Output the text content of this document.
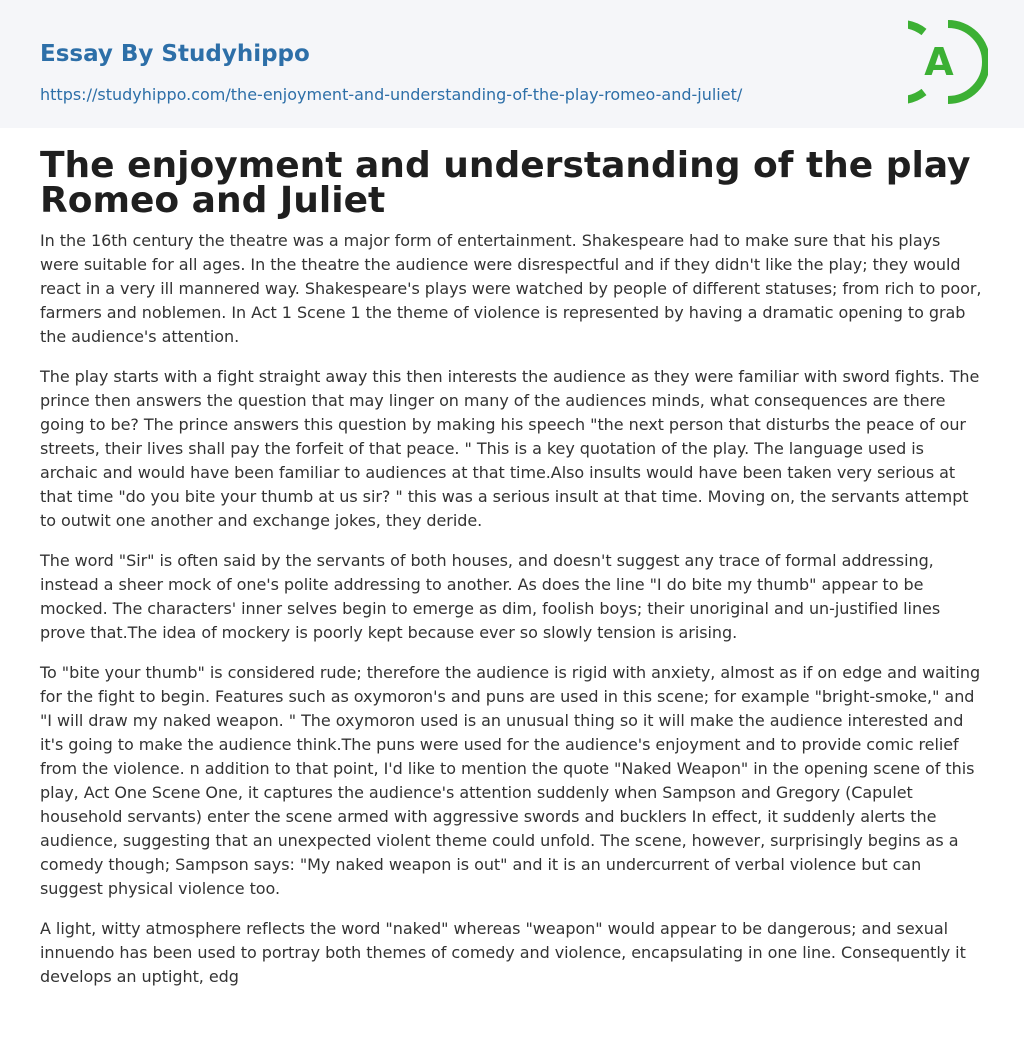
Essay By Studyhippo
https://studyhippo.com/the-enjoyment-and-understanding-of-the-play-romeo-and-juliet/
A
The enjoyment and understanding of the play Romeo and Juliet

In the 16th century the theatre was a major form of entertainment. Shakespeare had to make sure that his plays were suitable for all ages. In the theatre the audience were disrespectful and if they didn't like the play; they would react in a very ill mannered way. Shakespeare's plays were watched by people of different statuses; from rich to poor, farmers and noblemen. In Act 1 Scene 1 the theme of violence is represented by having a dramatic opening to grab the audience's attention.

The play starts with a fight straight away this then interests the audience as they were familiar with sword fights. The prince then answers the question that may linger on many of the audiences minds, what consequences are there going to be? The prince answers this question by making his speech "the next person that disturbs the peace of our streets, their lives shall pay the forfeit of that peace. " This is a key quotation of the play. The language used is archaic and would have been familiar to audiences at that time.Also insults would have been taken very serious at that time "do you bite your thumb at us sir? " this was a serious insult at that time. Moving on, the servants attempt to outwit one another and exchange jokes, they deride.

The word "Sir" is often said by the servants of both houses, and doesn't suggest any trace of formal addressing, instead a sheer mock of one's polite addressing to another. As does the line "I do bite my thumb" appear to be mocked. The characters' inner selves begin to emerge as dim, foolish boys; their unoriginal and un-justified lines prove that.The idea of mockery is poorly kept because ever so slowly tension is arising.

To "bite your thumb" is considered rude; therefore the audience is rigid with anxiety, almost as if on edge and waiting for the fight to begin. Features such as oxymoron's and puns are used in this scene; for example "bright-smoke," and "I will draw my naked weapon. " The oxymoron used is an unusual thing so it will make the audience interested and it's going to make the audience think.The puns were used for the audience's enjoyment and to provide comic relief from the violence. n addition to that point, I'd like to mention the quote "Naked Weapon" in the opening scene of this play, Act One Scene One, it captures the audience's attention suddenly when Sampson and Gregory (Capulet household servants) enter the scene armed with aggressive swords and bucklers In effect, it suddenly alerts the audience, suggesting that an unexpected violent theme could unfold. The scene, however, surprisingly begins as a comedy though; Sampson says: "My naked weapon is out" and it is an undercurrent of verbal violence but can suggest physical violence too.

A light, witty atmosphere reflects the word "naked" whereas "weapon" would appear to be dangerous; and sexual innuendo has been used to portray both themes of comedy and violence, encapsulating in one line. Consequently it develops an uptight, edg
